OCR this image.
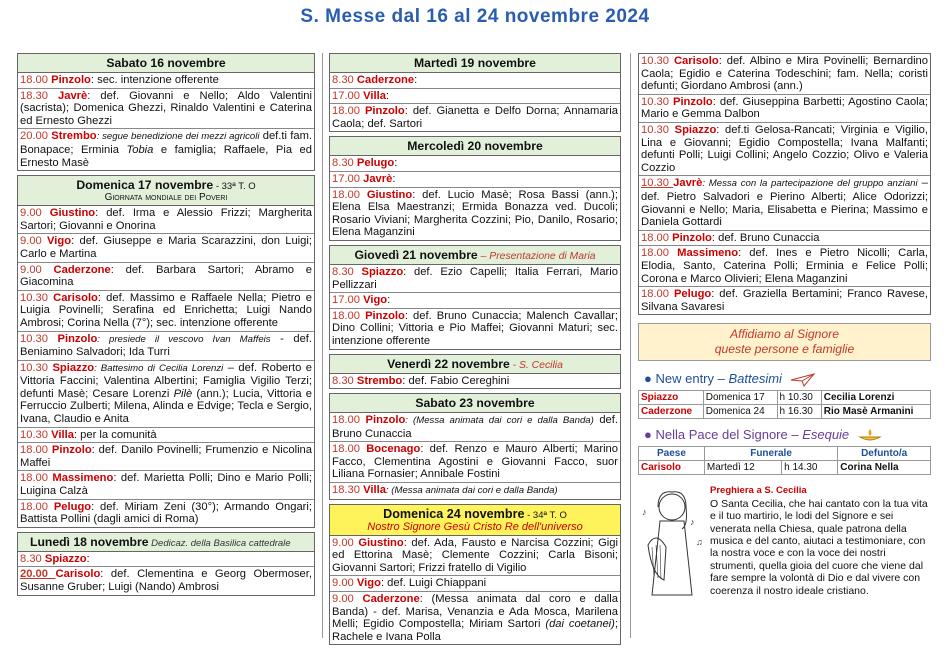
S. Messe dal 16 al 24 novembre 2024
Sabato 16 novembre
18.00 Pinzolo: sec. intenzione offerente
18.30 Javrè: def. Giovanni e Nello; Aldo Valentini (sacrista); Domenica Ghezzi, Rinaldo Valentini e Caterina ed Ernesto Ghezzi
20.00 Strembo: segue benedizione dei mezzi agricoli def.ti fam. Bonapace; Erminia Tobia e famiglia; Raffaele, Pia ed Ernesto Masè
Domenica 17 novembre - 33ª T. O
Giornata mondiale dei Poveri
9.00 Giustino: def. Irma e Alessio Frizzi; Margherita Sartori; Giovanni e Onorina
9.00 Vigo: def. Giuseppe e Maria Scarazzini, don Luigi; Carlo e Martina
9.00 Caderzone: def. Barbara Sartori; Abramo e Giacomina
10.30 Carisolo: def. Massimo e Raffaele Nella; Pietro e Luigia Povinelli; Serafina ed Enrichetta; Luigi Nando Ambrosi; Corina Nella (7°); sec. intenzione offerente
10.30 Pinzolo: presiede il vescovo Ivan Maffeis - def. Beniamino Salvadori; Ida Turri
10.30 Spiazzo: Battesimo di Cecilia Lorenzi – def. Roberto e Vittoria Faccini; Valentina Albertini; Famiglia Vigilio Terzi; defunti Masè; Cesare Lorenzi Pilè (ann.); Lucia, Vittoria e Ferruccio Zulberti; Milena, Alinda e Edvige; Tecla e Sergio, Ivana, Claudio e Anita
10.30 Villa: per la comunità
18.00 Pinzolo: def. Danilo Povinelli; Frumenzio e Nicolina Maffei
18.00 Massimeno: def. Marietta Polli; Dino e Mario Polli; Luigina Calzà
18.00 Pelugo: def. Miriam Zeni (30°); Armando Ongari; Battista Pollini (dagli amici di Roma)
Lunedì 18 novembre Dedicaz. della Basilica cattedrale
8.30 Spiazzo:
20.00 Carisolo: def. Clementina e Georg Obermoser, Susanne Gruber; Luigi (Nando) Ambrosi
Martedì 19 novembre
8.30 Caderzone:
17.00 Villa:
18.00 Pinzolo: def. Gianetta e Delfo Dorna; Annamaria Caola; def. Sartori
Mercoledì 20 novembre
8.30 Pelugo:
17.00 Javrè:
18.00 Giustino: def. Lucio Masè; Rosa Bassi (ann.); Elena Elsa Maestranzi; Ermida Bonazza ved. Ducoli; Rosario Viviani; Margherita Cozzini; Pio, Danilo, Rosario; Elena Maganzini
Giovedì 21 novembre – Presentazione di Maria
8.30 Spiazzo: def. Ezio Capelli; Italia Ferrari, Mario Pellizzari
17.00 Vigo:
18.00 Pinzolo: def. Bruno Cunaccia; Malench Cavallar; Dino Collini; Vittoria e Pio Maffei; Giovanni Maturi; sec. intenzione offerente
Venerdì 22 novembre - S. Cecilia
8.30 Strembo: def. Fabio Cereghini
Sabato 23 novembre
18.00 Pinzolo: (Messa animata dai cori e dalla Banda) def. Bruno Cunaccia
18.00 Bocenago: def. Renzo e Mauro Alberti; Marino Facco, Clementina Agostini e Giovanni Facco, suor Liliana Fornasier; Annibale Fostini
18.30 Villa: (Messa animata dai cori e dalla Banda)
Domenica 24 novembre - 34ª T. O
Nostro Signore Gesù Cristo Re dell'universo
9.00 Giustino: def. Ada, Fausto e Narcisa Cozzini; Gigi ed Ettorina Masè; Clemente Cozzini; Carla Bisoni; Giovanni Sartori; Frizzi fratello di Vigilio
9.00 Vigo: def. Luigi Chiappani
9.00 Caderzone: (Messa animata dal coro e dalla Banda) - def. Marisa, Venanzia e Ada Mosca, Marilena Melli; Egidio Compostella; Miriam Sartori (dai coetanei); Rachele e Ivana Polla
10.30 Carisolo: def. Albino e Mira Povinelli; Bernardino Caola; Egidio e Caterina Todeschini; fam. Nella; coristi defunti; Giordano Ambrosi (ann.)
10.30 Pinzolo: def. Giuseppina Barbetti; Agostino Caola; Mario e Gemma Dalbon
10.30 Spiazzo: def.ti Gelosa-Rancati; Virginia e Vigilio, Lina e Giovanni; Egidio Compostella; Ivana Malfanti; defunti Polli; Luigi Collini; Angelo Cozzio; Olivo e Valeria Cozzio
10.30 Javrè: Messa con la partecipazione del gruppo anziani – def. Pietro Salvadori e Pierino Alberti; Alice Odorizzi; Giovanni e Nello; Maria, Elisabetta e Pierina; Massimo e Daniela Gottardi
18.00 Pinzolo: def. Bruno Cunaccia
18.00 Massimeno: def. Ines e Pietro Nicolli; Carla, Elodia, Santo, Caterina Polli; Erminia e Felice Polli; Corona e Marco Olivieri; Elena Maganzini
18.00 Pelugo: def. Graziella Bertamini; Franco Ravese, Silvana Savaresi
Affidiamo al Signore
queste persone e famiglie
● New entry – Battesimi
Spiazzo	Domenica 17	h 10.30	Cecilia Lorenzi
Caderzone	Domenica 24	h 16.30	Rio Masè Armanini
● Nella Pace del Signore – Esequie
Paese	Funerale		Defunto/a
Carisolo	Martedì 12	h 14.30	Corina Nella
♪
♫
♪
Preghiera a S. Cecilia
O Santa Cecilia, che hai cantato con la tua vita e il tuo martirio, le lodi del Signore e sei venerata nella Chiesa, quale patrona della musica e del canto, aiutaci a testimoniare, con la nostra voce e con la voce dei nostri strumenti, quella gioia del cuore che viene dal fare sempre la volontà di Dio e dal vivere con coerenza il nostro ideale cristiano.
